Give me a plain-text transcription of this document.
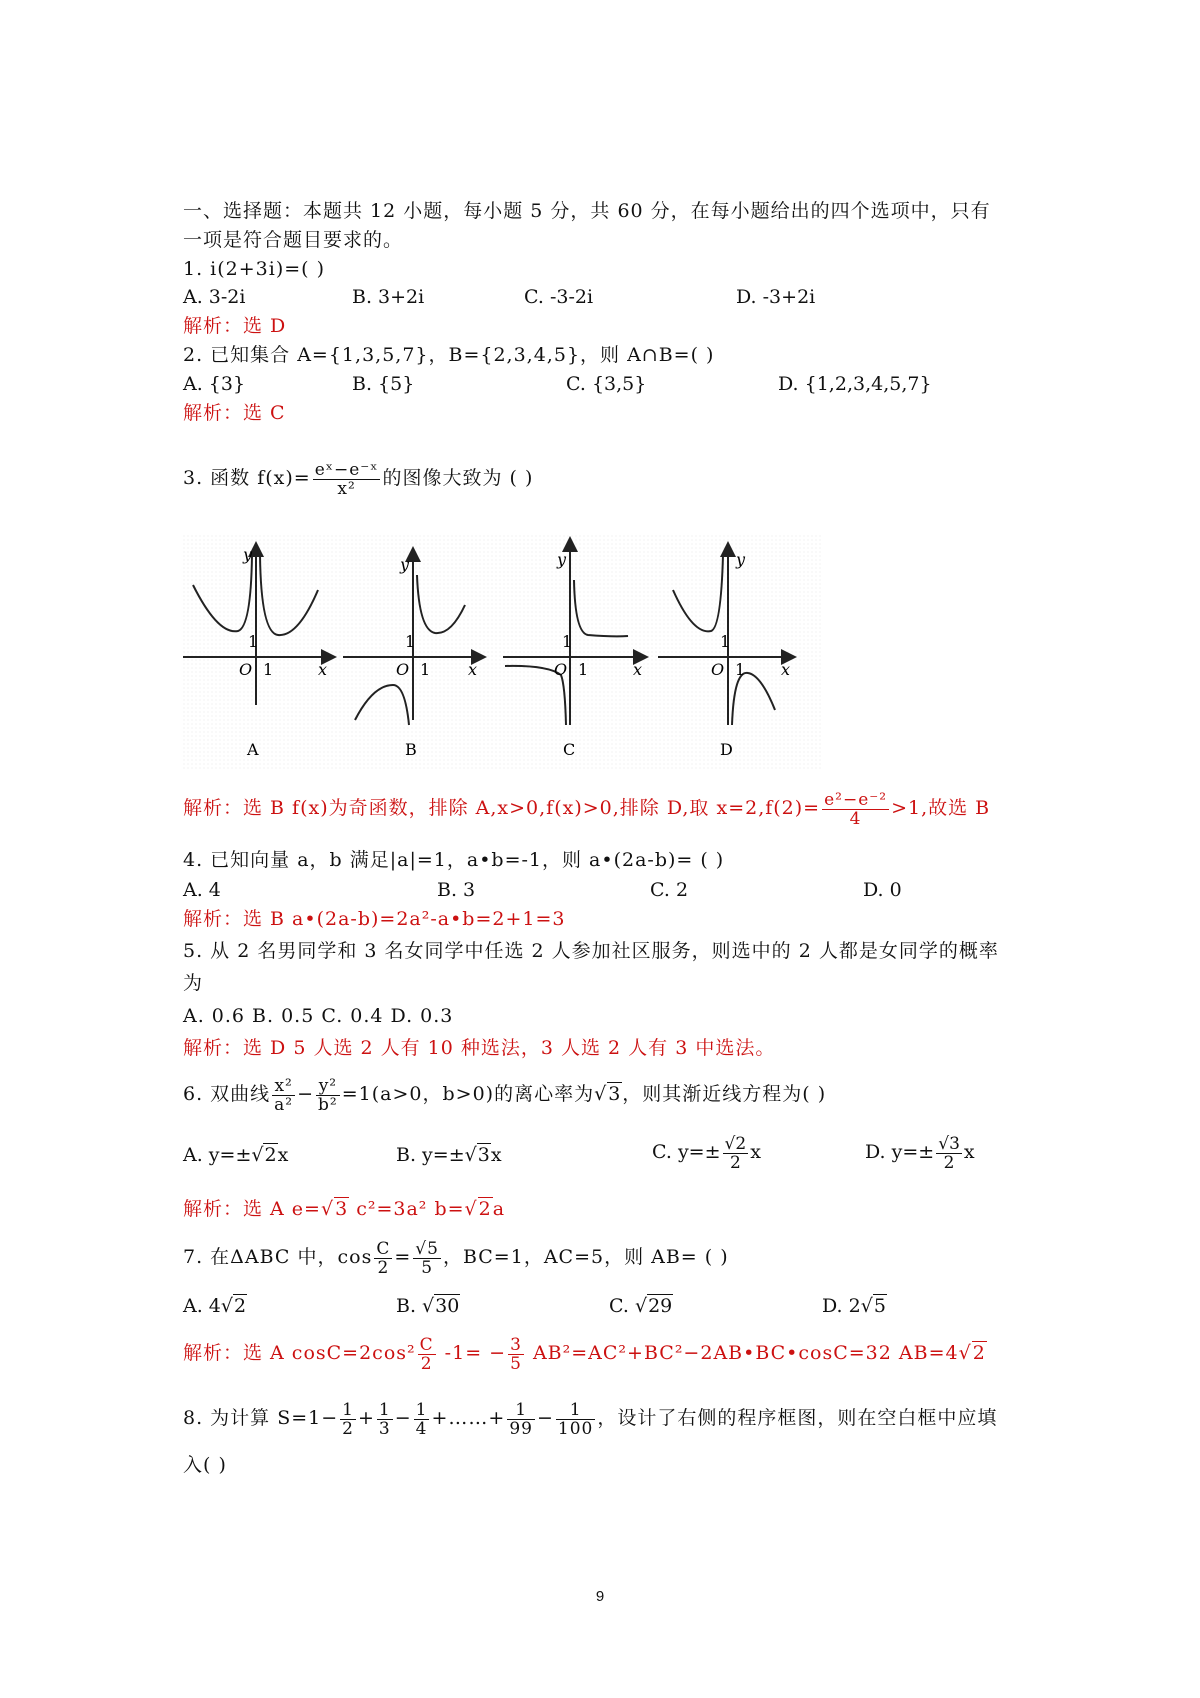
一、选择题：本题共 12 小题，每小题 5 分，共 60 分，在每小题给出的四个选项中，只有
一项是符合题目要求的。
1. i(2+3i)=( )
A. 3-2i	B. 3+2i	C. -3-2i	D. -3+2i
解析：选 D
2. 已知集合 A={1,3,5,7}，B={2,3,4,5}，则 A∩B=( )
A. {3}	B. {5}	C. {3,5}	D. {1,2,3,4,5,7}
解析：选 C
3. 函数 $f(x)= \frac{\text{eˣ−e⁻ˣ}}{\text{x²}}$ 的图像大致为 ( )
1
1
O
y
x
A
1
1
O
y
x
B
1
1
O
y
x
C
1
1
O
y
x
D
解析：选 B f(x)为奇函数，排除 A,x>0,f(x)>0,排除 D,取 $x=2,f(2)= \frac{\text{e²−e⁻²}}{4} >1$,故选 B
4. 已知向量 a，b 满足|a|=1，a•b=-1，则 a•(2a-b)= ( )
A. 4	B. 3	C. 2	D. 0
解析：选 B a•(2a-b)=2a²-a•b=2+1=3
5. 从 2 名男同学和 3 名女同学中任选 2 人参加社区服务，则选中的 2 人都是女同学的概率
为
A. 0.6 B. 0.5 C. 0.4 D. 0.3
解析：选 D 5 人选 2 人有 10 种选法，3 人选 2 人有 3 中选法。
6. 双曲线 $\frac{\text{x²}}{\text{a²}} - \frac{\text{y²}}{\text{b²}} =1(a>0$，b>0)的离心率为√3，则其渐近线方程为( )
A. y=±√2x	B. y=±√3x	C. $y=\pm \frac{√2}{2}$ x	D. $y=\pm \frac{√3}{2}$ x
解析：选 A e=√3 c²=3a² b=√2a
7. 在ΔABC 中，$\cos \frac{C}{2} = \frac{√5}{5}$ ，BC=1，AC=5，则 AB= ( )
A. 4√2	B. √30	C. √29	D. 2√5
解析：选 A $\cos C=2\cos^2 \frac{C}{2} -1= - \frac{3}{5}$ AB²=AC²+BC²−2AB•BC•cosC=32 AB=4√2
8. 为计算 $S=1- \frac{1}{2} + \frac{1}{3} - \frac{1}{4}$ +……+ $\frac{1}{99} - \frac{1}{100}$ ，设计了右侧的程序框图，则在空白框中应填
入( )
9
